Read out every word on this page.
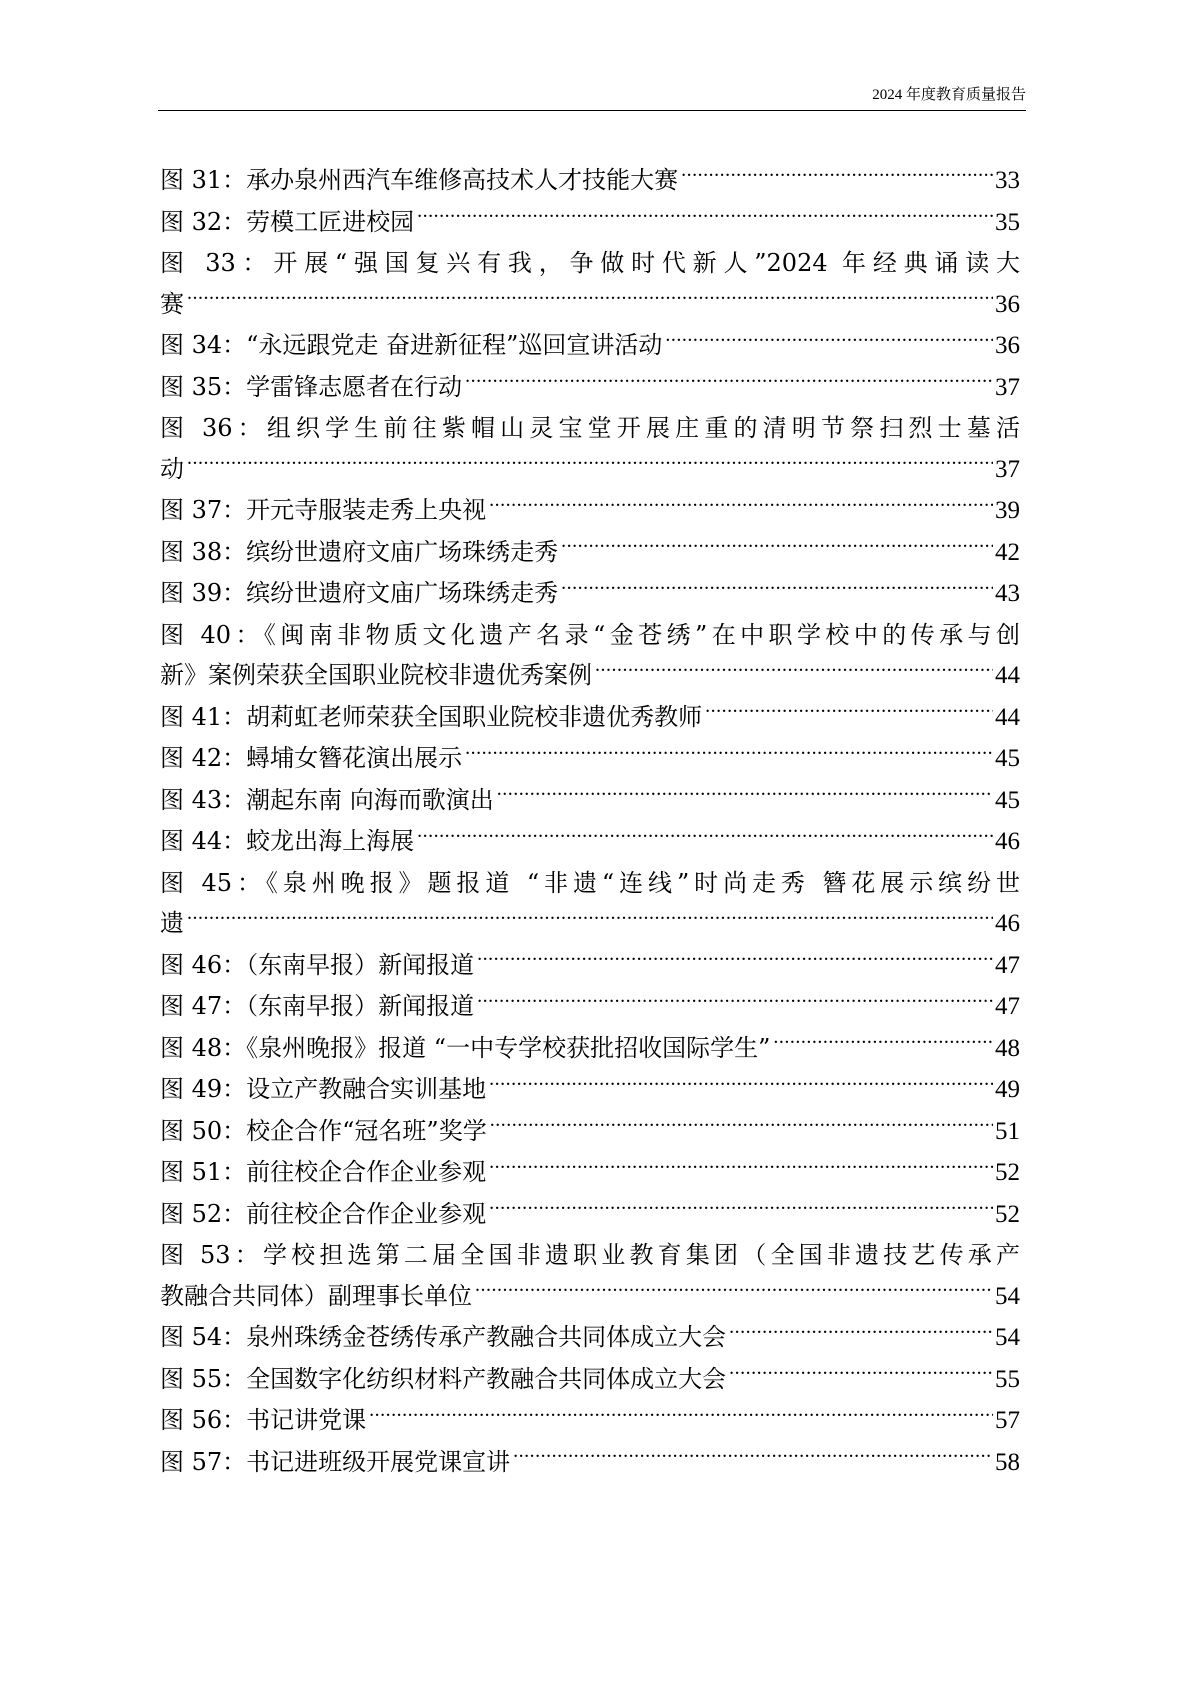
2024 年度教育质量报告
图 31：承办泉州西汽车维修高技术人才技能大赛 .....	33
图 32：劳模工匠进校园 .....	35
图 33：开展“强国复兴有我，争做时代新人”2024 年经典诵读大
赛 .....	36
图 34：“永远跟党走 奋进新征程”巡回宣讲活动 .....	36
图 35：学雷锋志愿者在行动 .....	37
图 36：组织学生前往紫帽山灵宝堂开展庄重的清明节祭扫烈士墓活
动 .....	37
图 37：开元寺服装走秀上央视 .....	39
图 38：缤纷世遗府文庙广场珠绣走秀 .....	42
图 39：缤纷世遗府文庙广场珠绣走秀 .....	43
图 40：《闽南非物质文化遗产名录“金苍绣”在中职学校中的传承与创
新》案例荣获全国职业院校非遗优秀案例 .....	44
图 41：胡莉虹老师荣获全国职业院校非遗优秀教师 .....	44
图 42：蟳埔女簪花演出展示 .....	45
图 43：潮起东南 向海而歌演出 .....	45
图 44：蛟龙出海上海展 .....	46
图 45：《泉州晚报》题报道 “非遗“连线”时尚走秀 簪花展示缤纷世
遗 .....	46
图 46：（东南早报）新闻报道 .....	47
图 47：（东南早报）新闻报道 .....	47
图 48：《泉州晚报》报道 “一中专学校获批招收国际学生” .....	48
图 49：设立产教融合实训基地 .....	49
图 50：校企合作“冠名班”奖学 .....	51
图 51：前往校企合作企业参观 .....	52
图 52：前往校企合作企业参观 .....	52
图 53：学校担选第二届全国非遗职业教育集团（全国非遗技艺传承产
教融合共同体）副理事长单位 .....	54
图 54：泉州珠绣金苍绣传承产教融合共同体成立大会 .....	54
图 55：全国数字化纺织材料产教融合共同体成立大会 .....	55
图 56：书记讲党课 .....	57
图 57：书记进班级开展党课宣讲 .....	58
